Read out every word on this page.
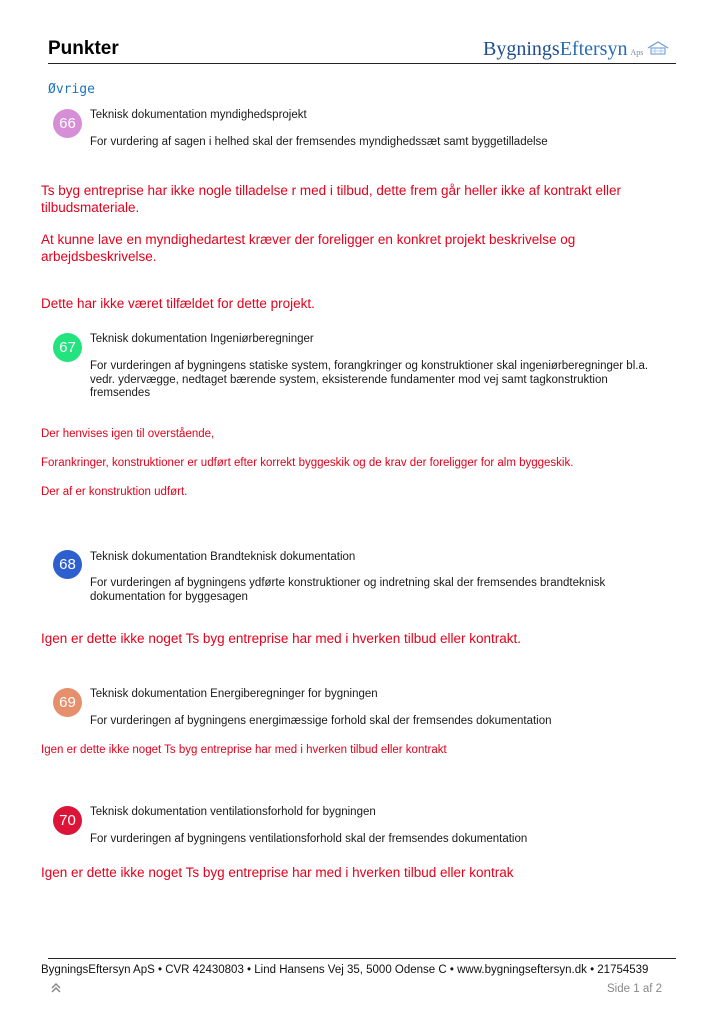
Punkter	Bygnings Eftersyn Aps
Øvrige
66	Teknisk dokumentation myndighedsprojekt
For vurdering af sagen i helhed skal der fremsendes myndighedssæt samt byggetilladelse
Ts byg entreprise har ikke nogle tilladelse r med i tilbud, dette frem går heller ikke af kontrakt eller tilbudsmateriale.
At kunne lave en myndighedartest kræver der foreligger en konkret projekt beskrivelse og arbejdsbeskrivelse.
Dette har ikke været tilfældet for dette projekt.
67	Teknisk dokumentation Ingeniørberegninger
For vurderingen af bygningens statiske system, forangkringer og konstruktioner skal ingeniørberegninger bl.a. vedr. ydervægge, nedtaget bærende system, eksisterende fundamenter mod vej samt tagkonstruktion fremsendes
Der henvises igen til overstående,
Forankringer, konstruktioner er udført efter korrekt byggeskik og de krav der foreligger for alm byggeskik.
Der af er konstruktion udført.
68	Teknisk dokumentation Brandteknisk dokumentation
For vurderingen af bygningens ydførte konstruktioner og indretning skal der fremsendes brandteknisk dokumentation for byggesagen
Igen er dette ikke noget Ts byg entreprise har med i hverken tilbud eller kontrakt.
69	Teknisk dokumentation Energiberegninger for bygningen
For vurderingen af bygningens energimæssige forhold skal der fremsendes dokumentation
Igen er dette ikke noget Ts byg entreprise har med i hverken tilbud eller kontrakt
70	Teknisk dokumentation ventilationsforhold for bygningen
For vurderingen af bygningens ventilationsforhold skal der fremsendes dokumentation
Igen er dette ikke noget Ts byg entreprise har med i hverken tilbud eller kontrak
BygningsEftersyn ApS • CVR 42430803 • Lind Hansens Vej 35, 5000 Odense C • www.bygningseftersyn.dk • 21754539
Side 1 af 2
